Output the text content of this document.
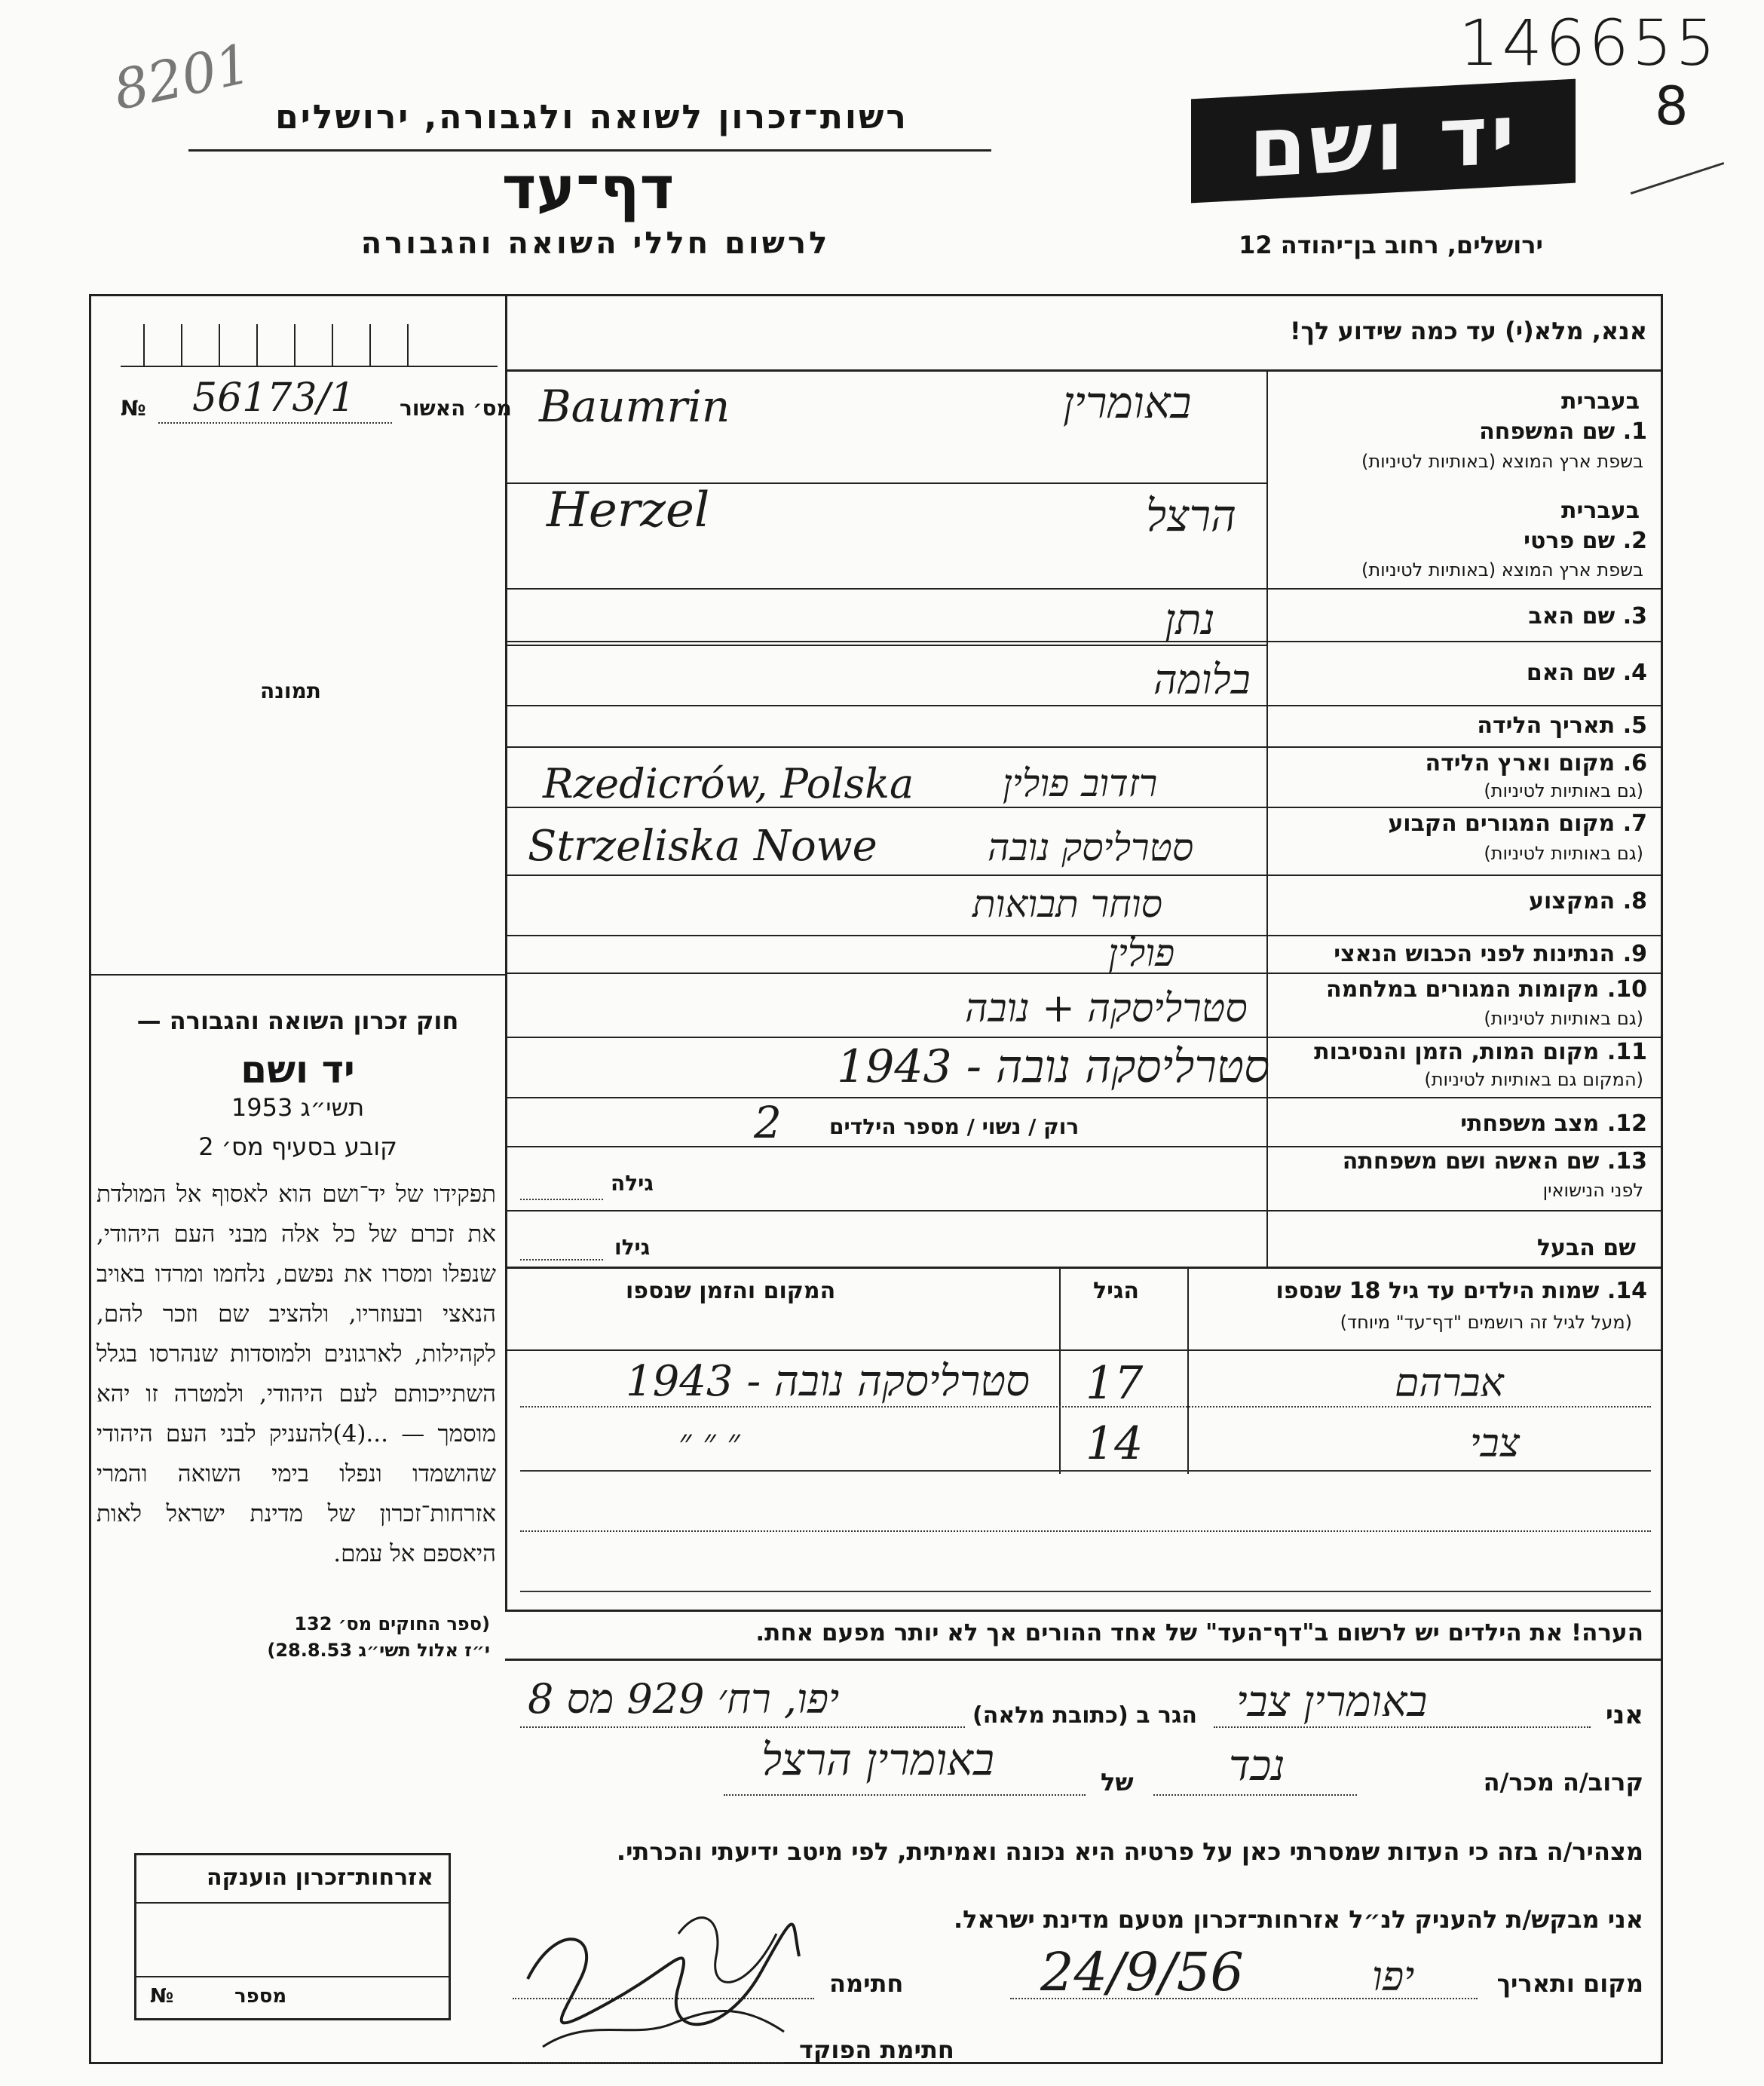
146655
8
8201 רשות־זכרון לשואה ולגבורה, ירושלים
דף־עד
לרשום חללי השואה והגבורה
יד ושם
ירושלים, רחוב בן־יהודה 12
אנא, מלא(י) עד כמה שידוע לך!
מס׳ האשור
№ 56173/1
תמונה
חוק זכרון השואה והגבורה —
יד ושם
תשי״ג 1953
קובע בסעיף מס׳ 2
תפקידו של יד־ושם הוא לאסוף אל המולדת את זכרם של כל אלה מבני העם היהודי, שנפלו ומסרו את נפשם, נלחמו ומרדו באויב הנאצי ובעוזריו, ולהציב שם וזכר להם, לקהילות, לארגונים ולמוסדות שנהרסו בגלל השתייכותם לעם היהודי, ולמטרה זו יהא מוסמך — ...(4)להעניק לבני העם היהודי שהושמדו ונפלו בימי השואה והמרי אזרחות־זכרון של מדינת ישראל לאות היאספם אל עמם.
(ספר החוקים מס׳ 132
י״ז אלול תשי״ג 28.8.53)
אזרחות־זכרון הוענקה
מספר
№
בעברית
1. שם המשפחה
בשפת ארץ המוצא (באותיות לטיניות)
באומרין
Baumrin
בעברית
2. שם פרטי
בשפת ארץ המוצא (באותיות לטיניות)
הרצל
Herzel
3. שם האב
נתן
4. שם האם
בלומה
5. תאריך הלידה
6. מקום וארץ הלידה
(גם באותיות לטיניות)
רזדוב פולין
Rzedicrów, Polska
7. מקום המגורים הקבוע
(גם באותיות לטיניות)
סטרליסק נובה
Strzeliska Nowe
8. המקצוע
סוחר תבואות
9. הנתינות לפני הכבוש הנאצי
פולין
10. מקומות המגורים במלחמה
(גם באותיות לטיניות)
סטרליסקה + נובה
11. מקום המות, הזמן והנסיבות
(המקום גם באותיות לטיניות)
סטרליסקה נובה - 1943
12. מצב משפחתי
רוק / נשוי / מספר הילדים
2
13. שם האשה ושם משפחתה
לפני הנישואין
גילה
שם הבעל
גילו
14. שמות הילדים עד גיל 18 שנספו
(מעל לגיל זה רושמים "דף־עד" מיוחד)
הגיל
המקום והזמן שנספו
אברהם
17
סטרליסקה נובה - 1943
צבי
14
״ ״ ״
הערה! את הילדים יש לרשום ב"דף־העד" של אחד ההורים אך לא יותר מפעם אחת.
אני
באומרין צבי
הגר ב (כתובת מלאה)
יפו, רח׳ 929 מס 8
קרוב/ה מכר/ה
נכד
של
באומרין הרצל
מצהיר/ה בזה כי העדות שמסרתי כאן על פרטיה היא נכונה ואמיתית, לפי מיטב ידיעתי והכרתי.
אני מבקש/ת להעניק לנ״ל אזרחות־זכרון מטעם מדינת ישראל.
מקום ותאריך
יפו
24/9/56
חתימה
חתימת הפוקד
